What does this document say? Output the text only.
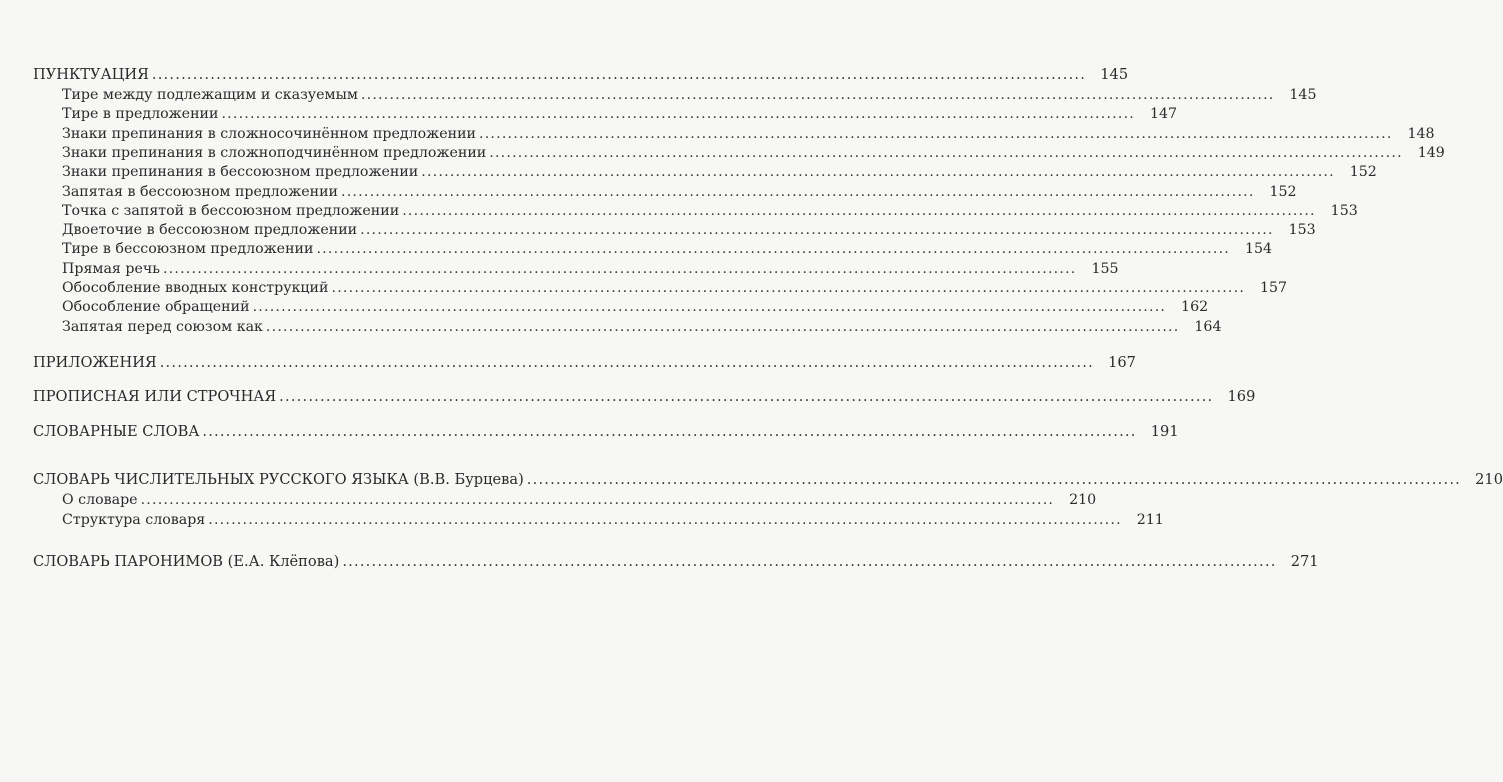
ПУНКТУАЦИЯ .....	145
Тире между подлежащим и сказуемым .....	145
Тире в предложении .....	147
Знаки препинания в сложносочинённом предложении .....	148
Знаки препинания в сложноподчинённом предложении .....	149
Знаки препинания в бессоюзном предложении .....	152
Запятая в бессоюзном предложении .....	152
Точка с запятой в бессоюзном предложении .....	153
Двоеточие в бессоюзном предложении .....	153
Тире в бессоюзном предложении .....	154
Прямая речь .....	155
Обособление вводных конструкций .....	157
Обособление обращений .....	162
Запятая перед союзом как .....	164
ПРИЛОЖЕНИЯ .....	167
ПРОПИСНАЯ ИЛИ СТРОЧНАЯ .....	169
СЛОВАРНЫЕ СЛОВА .....	191
СЛОВАРЬ ЧИСЛИТЕЛЬНЫХ РУССКОГО ЯЗЫКА (В.В. Бурцева) .....	210
О словаре .....	210
Структура словаря .....	211
СЛОВАРЬ ПАРОНИМОВ (Е.А. Клёпова) .....	271
